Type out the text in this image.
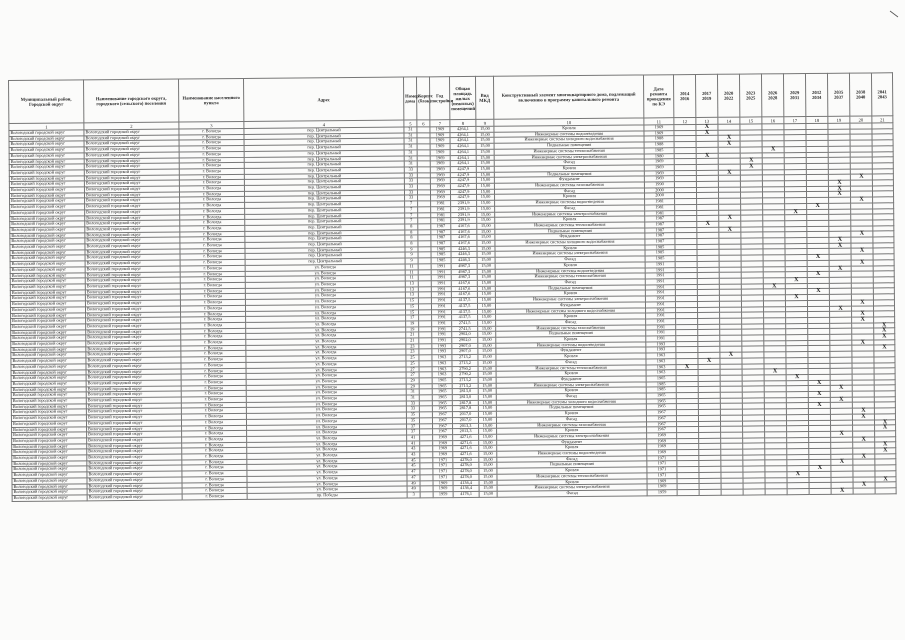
Муниципальный район, Городской округ	Наименование городского округа, городского (сельского) поселения	Наименование населенного пункта	Адрес	Номер дома	Корпус (блок)	Год постройки	Общая площадь жилых (нежилых) помещений	Вид МКД	Конструктивный элемент многоквартирного дома, подлежащий включению в программу капитального ремонта	Дата ремонта проведения по КЭ	2014 2016	2017 2019	2020 2022	2023 2025	2026 2028	2029 2031	2032 2034	2035 2037	2038 2040	2041 2043
1	2	3	4	5	6	7	8	9	10	11	12	13	14	15	16	17	18	19	20	21
Вологодский городской округ	Вологодский городской округ	г. Вологда	пер. Центральный	31		1969	4264,1	15,00	Кровля	1969		Х								
Вологодский городской округ	Вологодский городской округ	г. Вологда	пер. Центральный	31		1969	4264,1	15,00	Инженерные системы водоотведения	1969		Х								
Вологодский городской округ	Вологодский городской округ	г. Вологда	пер. Центральный	31		1969	4264,1	15,00	Инженерные системы холодного водоснабжения	1988			Х							
Вологодский городской округ	Вологодский городской округ	г. Вологда	пер. Центральный	31		1969	4264,1	15,00	Подвальные помещения	1988			Х							
Вологодский городской округ	Вологодский городской округ	г. Вологда	пер. Центральный	31		1969	4264,1	15,00	Инженерные системы теплоснабжения	1985					Х					
Вологодский городской округ	Вологодский городской округ	г. Вологда	пер. Центральный	31		1969	4264,1	15,00	Инженерные системы электроснабжения	1980		Х								
Вологодский городской округ	Вологодский городской округ	г. Вологда	пер. Центральный	31		1969	4264,1	15,00	Фасад	1969				Х						
Вологодский городской округ	Вологодский городской округ	г. Вологда	пер. Центральный	33		1969	4247,9	15,00	Кровля	1969				Х						
Вологодский городской округ	Вологодский городской округ	г. Вологда	пер. Центральный	33		1969	4247,9	15,00	Подвальные помещения	1969			Х							
Вологодский городской округ	Вологодский городской округ	г. Вологда	пер. Центральный	33		1969	4247,9	15,00	Фундамент	1969									Х	
Вологодский городской округ	Вологодский городской округ	г. Вологда	пер. Центральный	33		1969	4247,9	15,00	Инженерные системы газоснабжения	1990								Х		
Вологодский городской округ	Вологодский городской округ	г. Вологда	пер. Центральный	33		1969	4247,9	15,00	Фасад	2000								Х		
Вологодский городской округ	Вологодский городской округ	г. Вологда	пер. Центральный	33		1969	4247,9	15,00	Кровля	2000								Х		
Вологодский городской округ	Вологодский городской округ	г. Вологда	пер. Центральный	7		1981	2391,9	15,00	Инженерные системы водоотведения	1981									Х	
Вологодский городской округ	Вологодский городской округ	г. Вологда	пер. Центральный	7		1981	2391,9	15,00	Фасад	1981							Х			
Вологодский городской округ	Вологодский городской округ	г. Вологда	пер. Центральный	7		1981	2391,9	15,00	Инженерные системы электроснабжения	1981						Х				
Вологодский городской округ	Вологодский городской округ	г. Вологда	пер. Центральный	7		1981	2391,9	15,00	Кровля	1987			Х							
Вологодский городской округ	Вологодский городской округ	г. Вологда	пер. Центральный	8		1987	4167,6	15,00	Инженерные системы теплоснабжения	1987		Х								
Вологодский городской округ	Вологодский городской округ	г. Вологда	пер. Центральный	8		1987	4167,6	15,00	Подвальные помещения	1987			Х							
Вологодский городской округ	Вологодский городской округ	г. Вологда	пер. Центральный	8		1987	4167,6	15,00	Фундамент	1987									Х	
Вологодский городской округ	Вологодский городской округ	г. Вологда	пер. Центральный	8		1987	4167,6	15,00	Инженерные системы холодного водоснабжения	1987								Х		
Вологодский городской округ	Вологодский городской округ	г. Вологда	пер. Центральный	9		1985	4246,3	15,00	Кровля	1985								Х		
Вологодский городской округ	Вологодский городской округ	г. Вологда	пер. Центральный	9		1985	4246,3	15,00	Инженерные системы электроснабжения	1985									Х	
Вологодский городской округ	Вологодский городской округ	г. Вологда	пер. Центральный	9		1985	4246,3	15,00	Фасад	1985							Х			
Вологодский городской округ	Вологодский городской округ	г. Вологда	ул. Вологда	11		1991	4987,3	15,00	Кровля	1991									Х	
Вологодский городской округ	Вологодский городской округ	г. Вологда	ул. Вологда	11		1991	4987,3	15,00	Инженерные системы водоотведения	1991								Х		
Вологодский городской округ	Вологодский городской округ	г. Вологда	ул. Вологда	11		1991	4987,3	15,00	Инженерные системы теплоснабжения	1991							Х			
Вологодский городской округ	Вологодский городской округ	г. Вологда	ул. Вологда	13		1991	4167,6	15,00	Фасад	1991						Х				
Вологодский городской округ	Вологодский городской округ	г. Вологда	ул. Вологда	13		1991	4167,6	15,00	Подвальные помещения	1991					Х					
Вологодский городской округ	Вологодский городской округ	г. Вологда	ул. Вологда	13		1991	4167,6	15,00	Кровля	1991							Х			
Вологодский городской округ	Вологодский городской округ	г. Вологда	ул. Вологда	15		1991	4137,5	15,00	Инженерные системы электроснабжения	1991						Х				
Вологодский городской округ	Вологодский городской округ	г. Вологда	ул. Вологда	15		1991	4137,5	15,00	Фундамент	1991									Х	
Вологодский городской округ	Вологодский городской округ	г. Вологда	ул. Вологда	15		1991	4137,5	15,00	Инженерные системы холодного водоснабжения	1991								Х		
Вологодский городской округ	Вологодский городской округ	г. Вологда	ул. Вологда	17		1991	4137,5	15,00	Кровля	1991									Х	
Вологодский городской округ	Вологодский городской округ	г. Вологда	ул. Вологда	19		1991	2741,5	15,00	Фасад	1991									Х	
Вологодский городской округ	Вологодский городской округ	г. Вологда	ул. Вологда	19		1991	2741,5	15,00	Инженерные системы газоснабжения	1991										Х
Вологодский городской округ	Вологодский городской округ	г. Вологда	ул. Вологда	21		1991	2902,0	15,00	Подвальные помещения	1991										Х
Вологодский городской округ	Вологодский городской округ	г. Вологда	ул. Вологда	21		1991	2902,0	15,00	Кровля	1991										Х
Вологодский городской округ	Вологодский городской округ	г. Вологда	ул. Вологда	23		1993	2907,0	15,00	Инженерные системы водоотведения	1993									Х	
Вологодский городской округ	Вологодский городской округ	г. Вологда	ул. Вологда	23		1993	2907,0	15,00	Фундамент	1993										Х
Вологодский городской округ	Вологодский городской округ	г. Вологда	ул. Вологда	25		1963	2713,2	15,00	Кровля	1963			Х							
Вологодский городской округ	Вологодский городской округ	г. Вологда	ул. Вологда	25		1963	2713,2	15,00	Фасад	1963		Х								
Вологодский городской округ	Вологодский городской округ	г. Вологда	ул. Вологда	27		1963	2790,2	15,00	Инженерные системы теплоснабжения	1963	Х									
Вологодский городской округ	Вологодский городской округ	г. Вологда	ул. Вологда	27		1963	2790,2	15,00	Кровля	1963					Х					
Вологодский городской округ	Вологодский городской округ	г. Вологда	ул. Вологда	29		1965	2713,2	15,00	Фундамент	1965						Х				
Вологодский городской округ	Вологодский городской округ	г. Вологда	ул. Вологда	29		1965	2713,2	15,00	Инженерные системы электроснабжения	1985							Х			
Вологодский городской округ	Вологодский городской округ	г. Вологда	ул. Вологда	31		1965	2813,0	15,00	Кровля	1985								Х		
Вологодский городской округ	Вологодский городской округ	г. Вологда	ул. Вологда	31		1965	2813,0	15,00	Фасад	1965							Х			
Вологодский городской округ	Вологодский городской округ	г. Вологда	ул. Вологда	33		1965	2817,8	15,00	Инженерные системы холодного водоснабжения	1965								Х		
Вологодский городской округ	Вологодский городской округ	г. Вологда	ул. Вологда	33		1965	2817,8	15,00	Подвальные помещения	1965							Х			
Вологодский городской округ	Вологодский городской округ	г. Вологда	ул. Вологда	35		1967	2017,0	15,00	Кровля	1967									Х	
Вологодский городской округ	Вологодский городской округ	г. Вологда	ул. Вологда	35		1967	2017,0	15,00	Фасад	1967									Х	
Вологодский городской округ	Вологодский городской округ	г. Вологда	ул. Вологда	37		1967	2013,3	15,00	Инженерные системы газоснабжения	1967										Х
Вологодский городской округ	Вологодский городской округ	г. Вологда	ул. Вологда	37		1967	2013,3	15,00	Кровля	1967										Х
Вологодский городской округ	Вологодский городской округ	г. Вологда	ул. Вологда	41		1969	4271,6	15,00	Инженерные системы электроснабжения	1969								Х		
Вологодский городской округ	Вологодский городской округ	г. Вологда	ул. Вологда	41		1969	4271,6	15,00	Фундамент	1969									Х	
Вологодский городской округ	Вологодский городской округ	г. Вологда	ул. Вологда	43		1969	4271,6	15,00	Кровля	1969										Х
Вологодский городской округ	Вологодский городской округ	г. Вологда	ул. Вологда	43		1969	4271,6	15,00	Инженерные системы водоотведения	1969										Х
Вологодский городской округ	Вологодский городской округ	г. Вологда	ул. Вологда	45		1971	4278,0	15,00	Фасад	1971									Х	
Вологодский городской округ	Вологодский городской округ	г. Вологда	ул. Вологда	45		1971	4278,0	15,00	Подвальные помещения	1971								Х		
Вологодский городской округ	Вологодский городской округ	г. Вологда	ул. Вологда	47		1971	4278,0	15,00	Кровля	1971							Х			
Вологодский городской округ	Вологодский городской округ	г. Вологда	ул. Вологда	47		1971	4278,0	15,00	Инженерные системы теплоснабжения	1971						Х				
Вологодский городской округ	Вологодский городской округ	г. Вологда	ул. Вологда	49		1969	4136,4	15,00	Кровля	1969										Х
Вологодский городской округ	Вологодский городской округ	г. Вологда	ул. Вологда	49		1969	4136,4	15,00	Инженерные системы электроснабжения	1969									Х	
Вологодский городской округ	Вологодский городской округ	г. Вологда	пр. Победы	3		1959	4176,1	15,00	Фасад	1959								Х		
